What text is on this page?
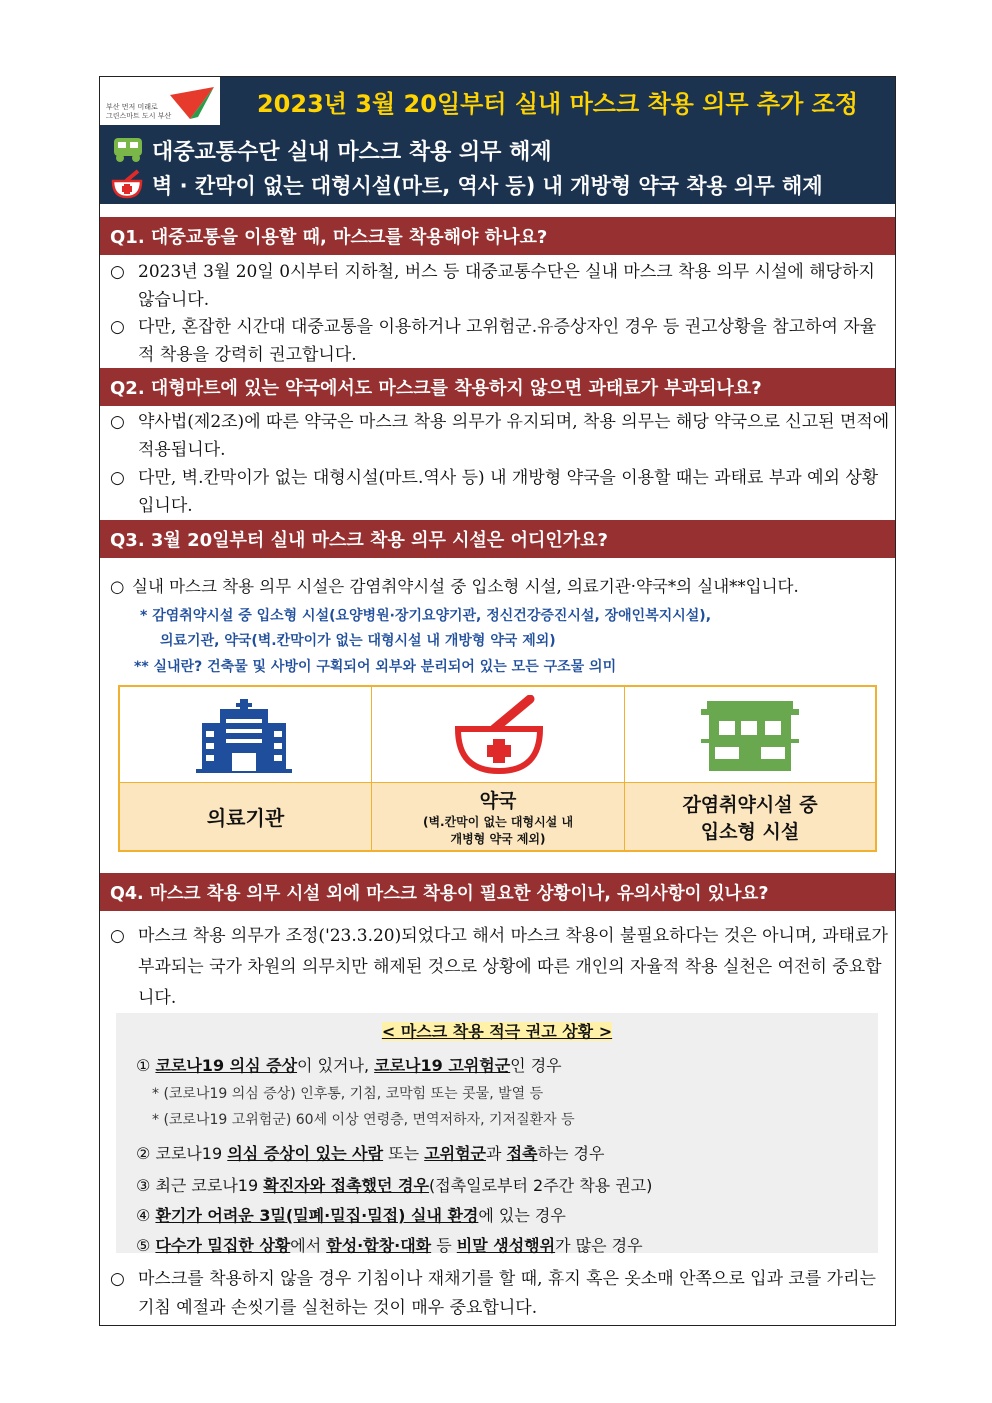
부산 먼저 미래로
그린스마트 도시 부산	2023년 3월 20일부터 실내 마스크 착용 의무 추가 조정
대중교통수단 실내 마스크 착용 의무 해제
벽 · 칸막이 없는 대형시설(마트, 역사 등) 내 개방형 약국 착용 의무 해제
Q1. 대중교통을 이용할 때, 마스크를 착용해야 하나요?
○ 2023년 3월 20일 0시부터 지하철, 버스 등 대중교통수단은 실내 마스크 착용 의무 시설에 해당하지 않습니다.
○ 다만, 혼잡한 시간대 대중교통을 이용하거나 고위험군.유증상자인 경우 등 권고상황을 참고하여 자율적 착용을 강력히 권고합니다.
Q2. 대형마트에 있는 약국에서도 마스크를 착용하지 않으면 과태료가 부과되나요?
○ 약사법(제2조)에 따른 약국은 마스크 착용 의무가 유지되며, 착용 의무는 해당 약국으로 신고된 면적에 적용됩니다.
○ 다만, 벽.칸막이가 없는 대형시설(마트.역사 등) 내 개방형 약국을 이용할 때는 과태료 부과 예외 상황입니다.
Q3. 3월 20일부터 실내 마스크 착용 의무 시설은 어디인가요?
○ 실내 마스크 착용 의무 시설은 감염취약시설 중 입소형 시설, 의료기관·약국*의 실내**입니다.
* 감염취약시설 중 입소형 시설(요양병원·장기요양기관, 정신건강증진시설, 장애인복지시설),
의료기관, 약국(벽.칸막이가 없는 대형시설 내 개방형 약국 제외)
** 실내란? 건축물 및 사방이 구획되어 외부와 분리되어 있는 모든 구조물 의미
의료기관
약국
(벽.칸막이 없는 대형시설 내
개병형 약국 제외)
감염취약시설 중
입소형 시설
Q4. 마스크 착용 의무 시설 외에 마스크 착용이 필요한 상황이나, 유의사항이 있나요?
○ 마스크 착용 의무가 조정('23.3.20)되었다고 해서 마스크 착용이 불필요하다는 것은 아니며, 과태료가 부과되는 국가 차원의 의무치만 해제된 것으로 상황에 따른 개인의 자율적 착용 실천은 여전히 중요합니다.
< 마스크 착용 적극 권고 상황 >
① 코로나19 의심 증상이 있거나, 코로나19 고위험군인 경우
* (코로나19 의심 증상) 인후통, 기침, 코막힘 또는 콧물, 발열 등
* (코로나19 고위험군) 60세 이상 연령층, 면역저하자, 기저질환자 등
② 코로나19 의심 증상이 있는 사람 또는 고위험군과 접촉하는 경우
③ 최근 코로나19 확진자와 접촉했던 경우(접촉일로부터 2주간 착용 권고)
④ 환기가 어려운 3밀(밀폐·밀집·밀접) 실내 환경에 있는 경우
⑤ 다수가 밀집한 상황에서 함성·합창·대화 등 비말 생성행위가 많은 경우
○ 마스크를 착용하지 않을 경우 기침이나 재채기를 할 때, 휴지 혹은 옷소매 안쪽으로 입과 코를 가리는 기침 예절과 손씻기를 실천하는 것이 매우 중요합니다.
